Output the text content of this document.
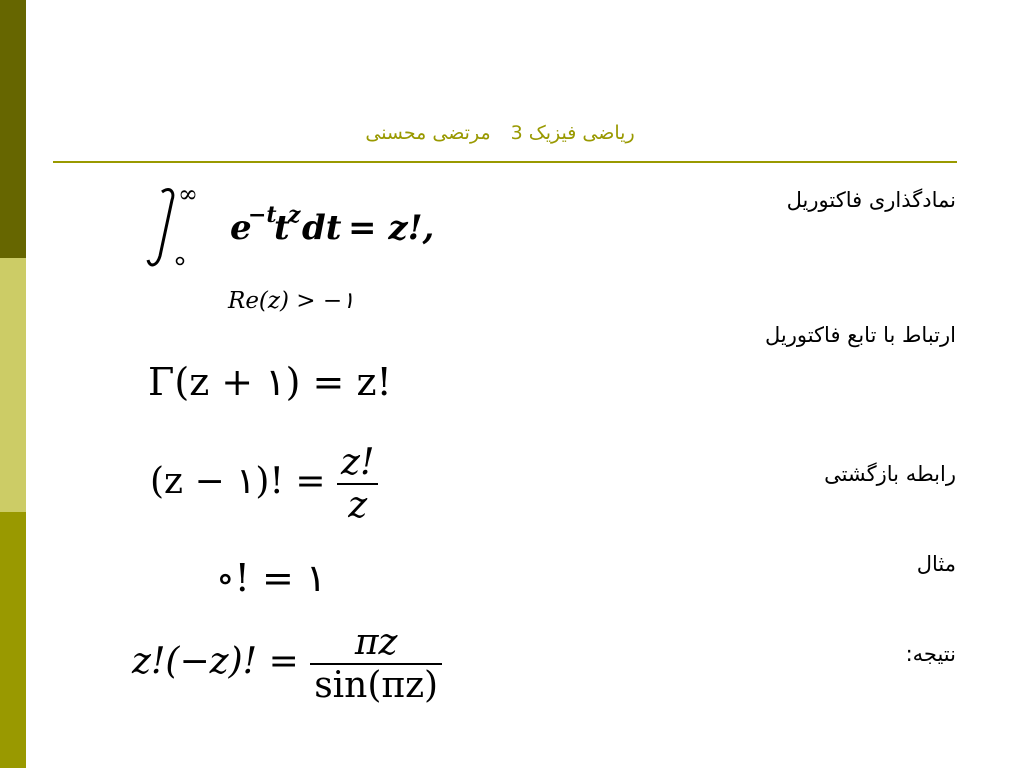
رياضی فيزيک 3مرتضی محسنی
نمادگذاری فاکتوريل
ارتباط با تابع فاکتوريل
رابطه بازگشتی
مثال
نتيجه:
∞
e
−t
t
z dt = z!,
Re(z) > −۱
Γ(z + ۱) = z!
(z − ۱)! = $\frac{z!}{z}$
∘! = ۱
z!(−z)! = $\frac{\pi z}{\sin(\pi z)}$
